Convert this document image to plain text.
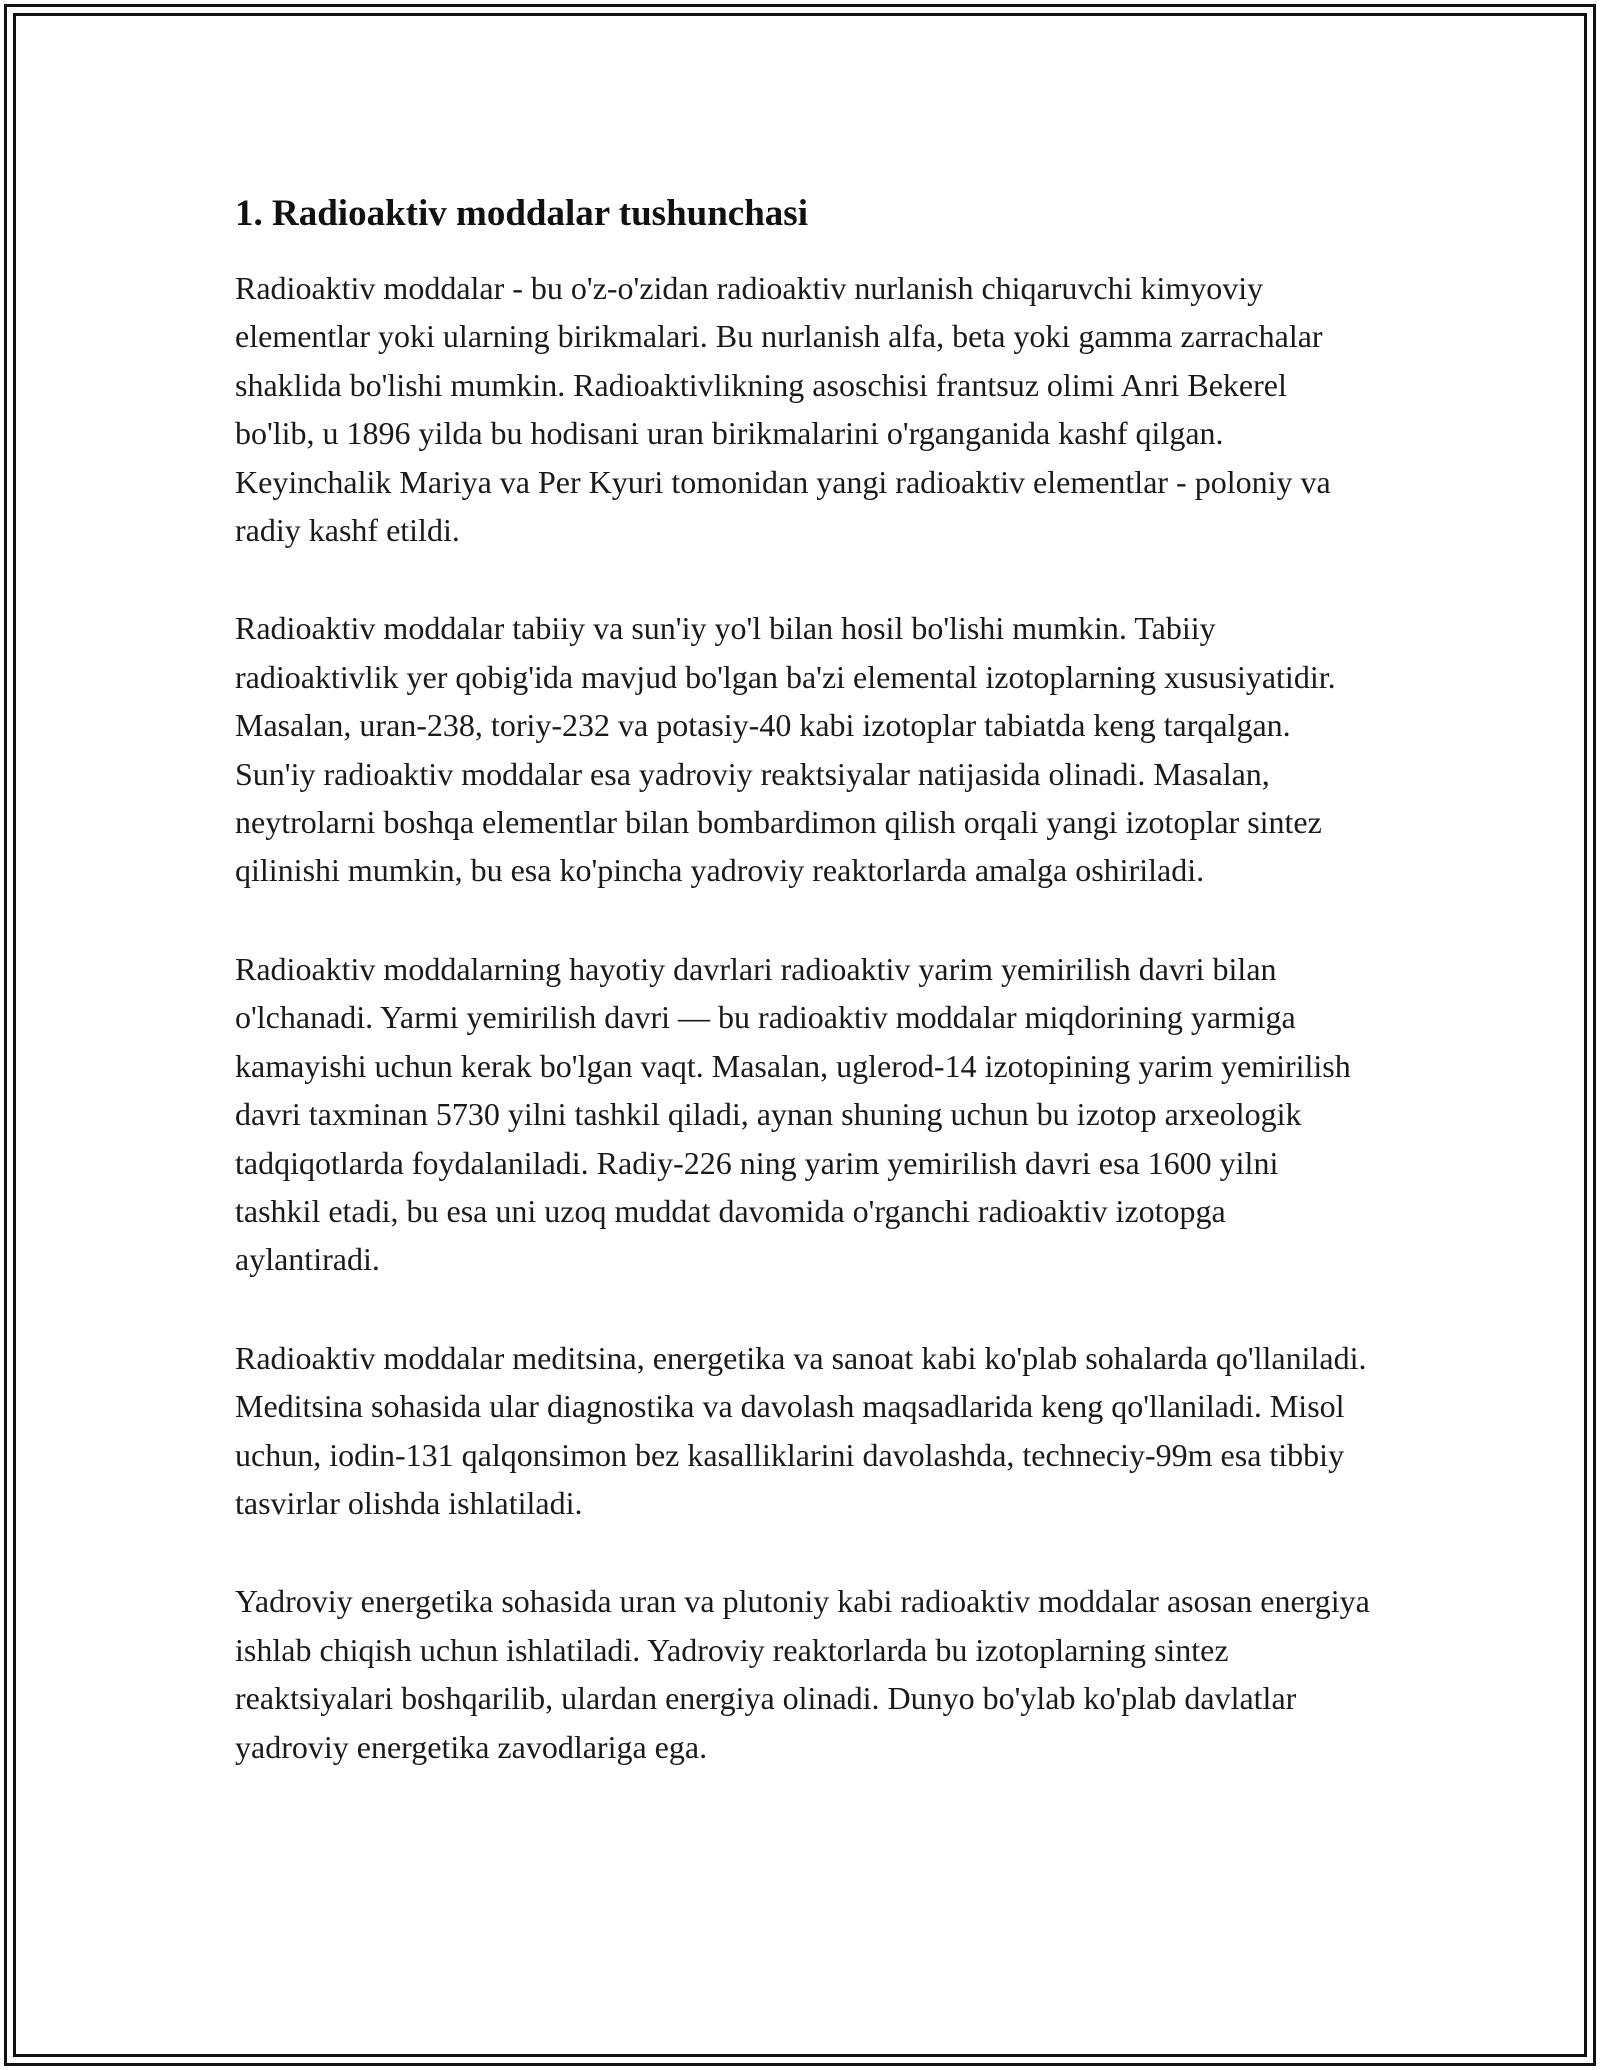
1. Radioaktiv moddalar tushunchasi

Radioaktiv moddalar - bu o'z-o'zidan radioaktiv nurlanish chiqaruvchi kimyoviy elementlar yoki ularning birikmalari. Bu nurlanish alfa, beta yoki gamma zarrachalar shaklida bo'lishi mumkin. Radioaktivlikning asoschisi frantsuz olimi Anri Bekerel bo'lib, u 1896 yilda bu hodisani uran birikmalarini o'rganganida kashf qilgan. Keyinchalik Mariya va Per Kyuri tomonidan yangi radioaktiv elementlar - poloniy va radiy kashf etildi.

Radioaktiv moddalar tabiiy va sun'iy yo'l bilan hosil bo'lishi mumkin. Tabiiy radioaktivlik yer qobig'ida mavjud bo'lgan ba'zi elemental izotoplarning xususiyatidir. Masalan, uran-238, toriy-232 va potasiy-40 kabi izotoplar tabiatda keng tarqalgan. Sun'iy radioaktiv moddalar esa yadroviy reaktsiyalar natijasida olinadi. Masalan, neytrolarni boshqa elementlar bilan bombardimon qilish orqali yangi izotoplar sintez qilinishi mumkin, bu esa ko'pincha yadroviy reaktorlarda amalga oshiriladi.

Radioaktiv moddalarning hayotiy davrlari radioaktiv yarim yemirilish davri bilan o'lchanadi. Yarmi yemirilish davri — bu radioaktiv moddalar miqdorining yarmiga kamayishi uchun kerak bo'lgan vaqt. Masalan, uglerod-14 izotopining yarim yemirilish davri taxminan 5730 yilni tashkil qiladi, aynan shuning uchun bu izotop arxeologik tadqiqotlarda foydalaniladi. Radiy-226 ning yarim yemirilish davri esa 1600 yilni tashkil etadi, bu esa uni uzoq muddat davomida o'rganchi radioaktiv izotopga aylantiradi.

Radioaktiv moddalar meditsina, energetika va sanoat kabi ko'plab sohalarda qo'llaniladi. Meditsina sohasida ular diagnostika va davolash maqsadlarida keng qo'llaniladi. Misol uchun, iodin-131 qalqonsimon bez kasalliklarini davolashda, techneciy-99m esa tibbiy tasvirlar olishda ishlatiladi.

Yadroviy energetika sohasida uran va plutoniy kabi radioaktiv moddalar asosan energiya ishlab chiqish uchun ishlatiladi. Yadroviy reaktorlarda bu izotoplarning sintez reaktsiyalari boshqarilib, ulardan energiya olinadi. Dunyo bo'ylab ko'plab davlatlar yadroviy energetika zavodlariga ega.
